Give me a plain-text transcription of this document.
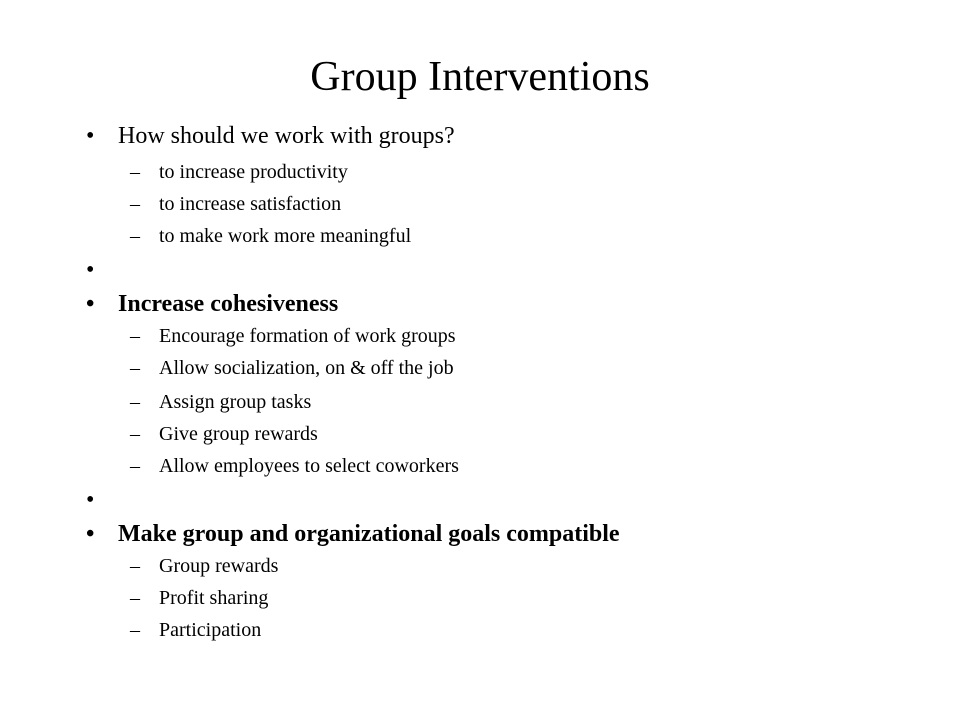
Group Interventions
• How should we work with groups?
– to increase productivity
– to increase satisfaction
– to make work more meaningful
•
• Increase cohesiveness
– Encourage formation of work groups
– Allow socialization, on & off the job
– Assign group tasks
– Give group rewards
– Allow employees to select coworkers
•
• Make group and organizational goals compatible
– Group rewards
– Profit sharing
– Participation
